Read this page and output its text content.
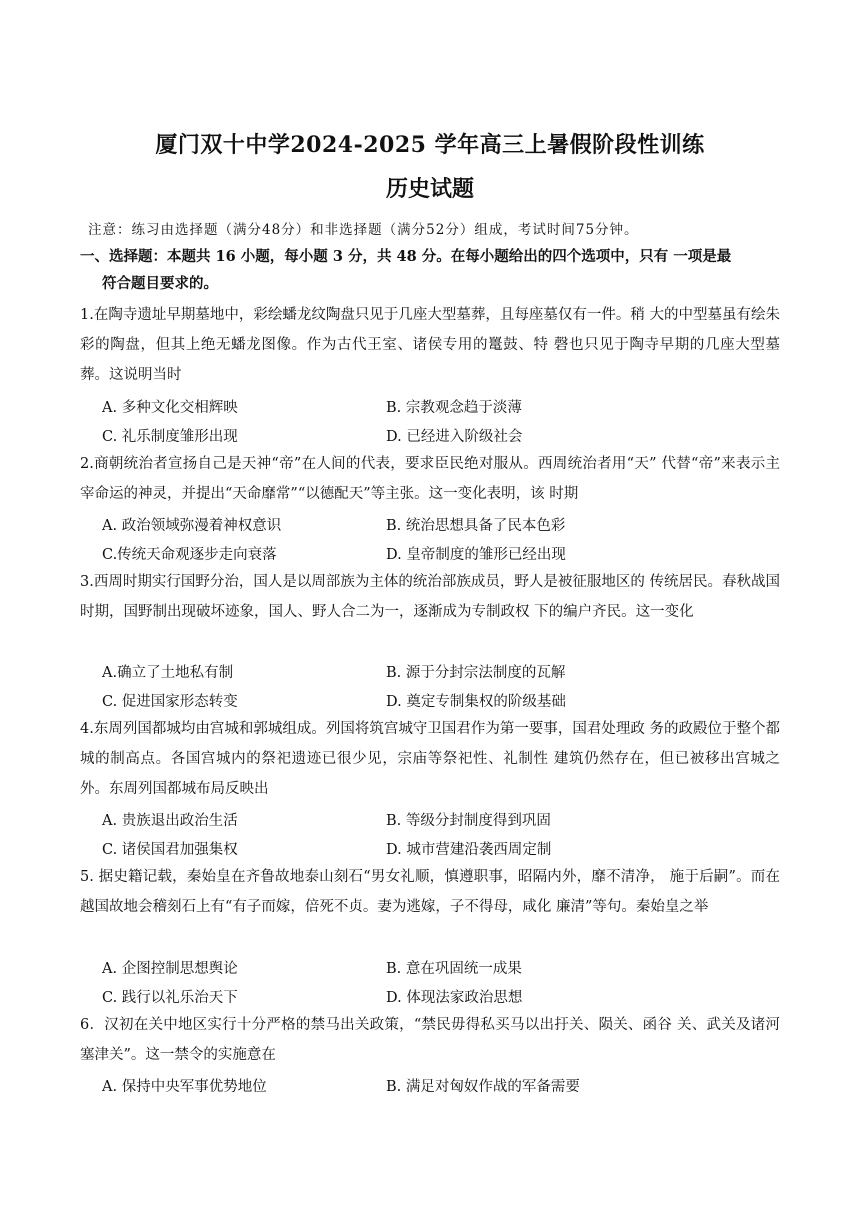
厦门双十中学2024-2025 学年高三上暑假阶段性训练
历史试题
注意：练习由选择题（满分48分）和非选择题（满分52分）组成，考试时间75分钟。
一、选择题：本题共 16 小题，每小题 3 分，共 48 分。在每小题给出的四个选项中，只有 一项是最
符合题目要求的。
1.在陶寺遗址早期墓地中，彩绘蟠龙纹陶盘只见于几座大型墓葬，且每座墓仅有一件。稍 大的中型墓虽有绘朱彩的陶盘，但其上绝无蟠龙图像。作为古代王室、诸侯专用的鼍鼓、特 磬也只见于陶寺早期的几座大型墓葬。这说明当时
A. 多种文化交相辉映	B. 宗教观念趋于淡薄
C. 礼乐制度雏形出现	D. 已经进入阶级社会
2.商朝统治者宣扬自己是天神“帝”在人间的代表，要求臣民绝对服从。西周统治者用“天” 代替“帝”来表示主宰命运的神灵，并提出“天命靡常”“以德配天”等主张。这一变化表明，该 时期
A. 政治领域弥漫着神权意识	B. 统治思想具备了民本色彩
C.传统天命观逐步走向衰落	D. 皇帝制度的雏形已经出现
3.西周时期实行国野分治，国人是以周部族为主体的统治部族成员，野人是被征服地区的 传统居民。春秋战国时期，国野制出现破坏迹象，国人、野人合二为一，逐渐成为专制政权 下的编户齐民。这一变化
A.确立了土地私有制	B. 源于分封宗法制度的瓦解
C. 促进国家形态转变	D. 奠定专制集权的阶级基础
4.东周列国都城均由宫城和郭城组成。列国将筑宫城守卫国君作为第一要事，国君处理政 务的政殿位于整个都城的制高点。各国宫城内的祭祀遗迹已很少见，宗庙等祭祀性、礼制性 建筑仍然存在，但已被移出宫城之外。东周列国都城布局反映出
A. 贵族退出政治生活	B. 等级分封制度得到巩固
C. 诸侯国君加强集权	D. 城市营建沿袭西周定制
5. 据史籍记载，秦始皇在齐鲁故地泰山刻石“男女礼顺，慎遵职事，昭隔内外，靡不清净， 施于后嗣”。而在越国故地会稽刻石上有“有子而嫁，倍死不贞。妻为逃嫁，子不得母，咸化 廉清”等句。秦始皇之举
A. 企图控制思想舆论	B. 意在巩固统一成果
C. 践行以礼乐治天下	D. 体现法家政治思想
6．汉初在关中地区实行十分严格的禁马出关政策，“禁民毋得私买马以出扜关、陨关、函谷 关、武关及诸河塞津关”。这一禁令的实施意在
A. 保持中央军事优势地位	B. 满足对匈奴作战的军备需要
